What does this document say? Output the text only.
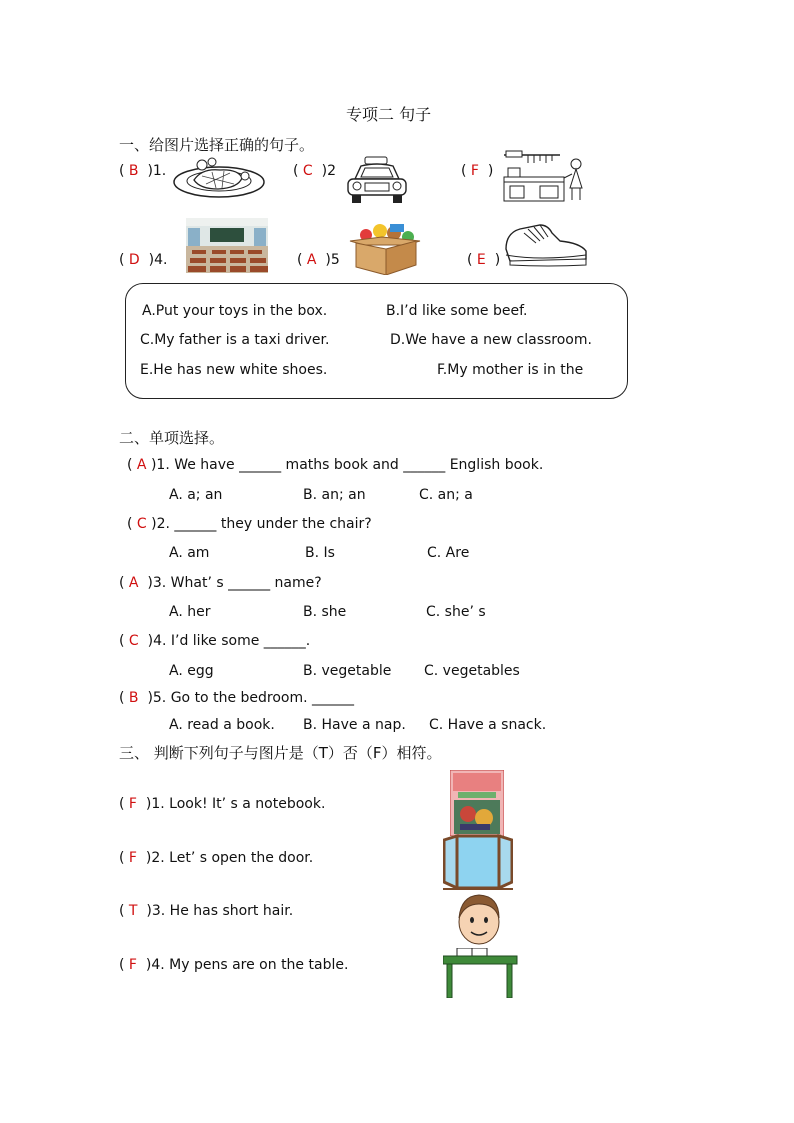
专项二 句子
一、给图片选择正确的句子。
( B )1.	( C )2	( F )
( D )4.	( A )5	( E )
A.Put your toys in the box.	B.I’d like some beef.
C.My father is a taxi driver.	D.We have a new classroom.
E.He has new white shoes.	F.My mother is in the
二、单项选择。
( A )1. We have ______ maths book and ______ English book.
A. a; an	B. an; an	C. an; a
( C )2. ______ they under the chair?
A. am	B. Is	C. Are
( A )3. What’ s ______ name?
A. her	B. she	C. she’ s
( C )4. I’d like some ______.
A. egg	B. vegetable C. vegetables
( B )5. Go to the bedroom. ______
A. read a book. B. Have a nap. C. Have a snack.
三、 判断下列句子与图片是（T）否（F）相符。
( F )1. Look! It’ s a notebook.
( F )2. Let’ s open the door.
( T )3. He has short hair.
( F )4. My pens are on the table.
